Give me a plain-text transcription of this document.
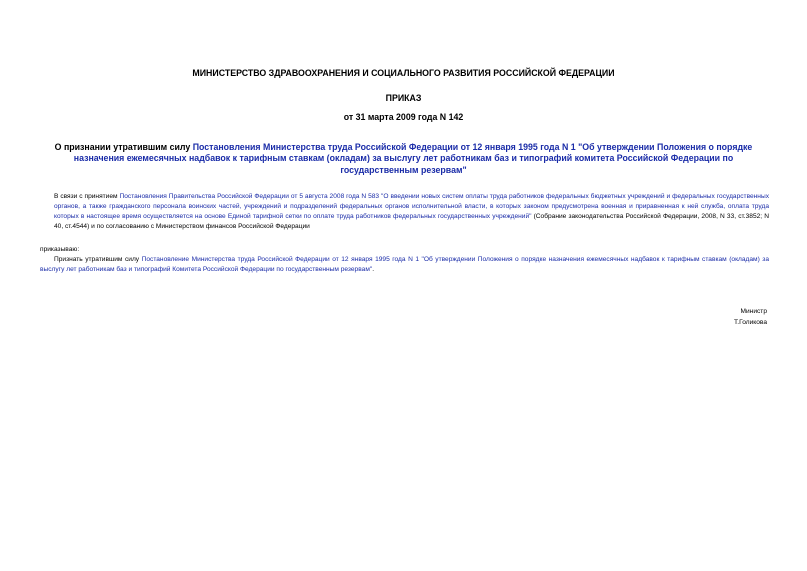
МИНИСТЕРСТВО ЗДРАВООХРАНЕНИЯ И СОЦИАЛЬНОГО РАЗВИТИЯ РОССИЙСКОЙ ФЕДЕРАЦИИ

ПРИКАЗ

от 31 марта 2009 года N 142

О признании утратившим силу Постановления Министерства труда Российской Федерации от 12 января 1995 года N 1 "Об утверждении Положения о порядке назначения ежемесячных надбавок к тарифным ставкам (окладам) за выслугу лет работникам баз и типографий комитета Российской Федерации по государственным резервам"

В связи с принятием Постановления Правительства Российской Федерации от 5 августа 2008 года N 583 "О введении новых систем оплаты труда работников федеральных бюджетных учреждений и федеральных государственных органов, а также гражданского персонала воинских частей, учреждений и подразделений федеральных органов исполнительной власти, в которых законом предусмотрена военная и приравненная к ней служба, оплата труда которых в настоящее время осуществляется на основе Единой тарифной сетки по оплате труда работников федеральных государственных учреждений" (Собрание законодательства Российской Федерации, 2008, N 33, ст.3852; N 40, ст.4544) и по согласованию с Министерством финансов Российской Федерации

приказываю:

Признать утратившим силу Постановление Министерства труда Российской Федерации от 12 января 1995 года N 1 "Об утверждении Положения о порядке назначения ежемесячных надбавок к тарифным ставкам (окладам) за выслугу лет работникам баз и типографий Комитета Российской Федерации по государственным резервам".

Министр

Т.Голикова
